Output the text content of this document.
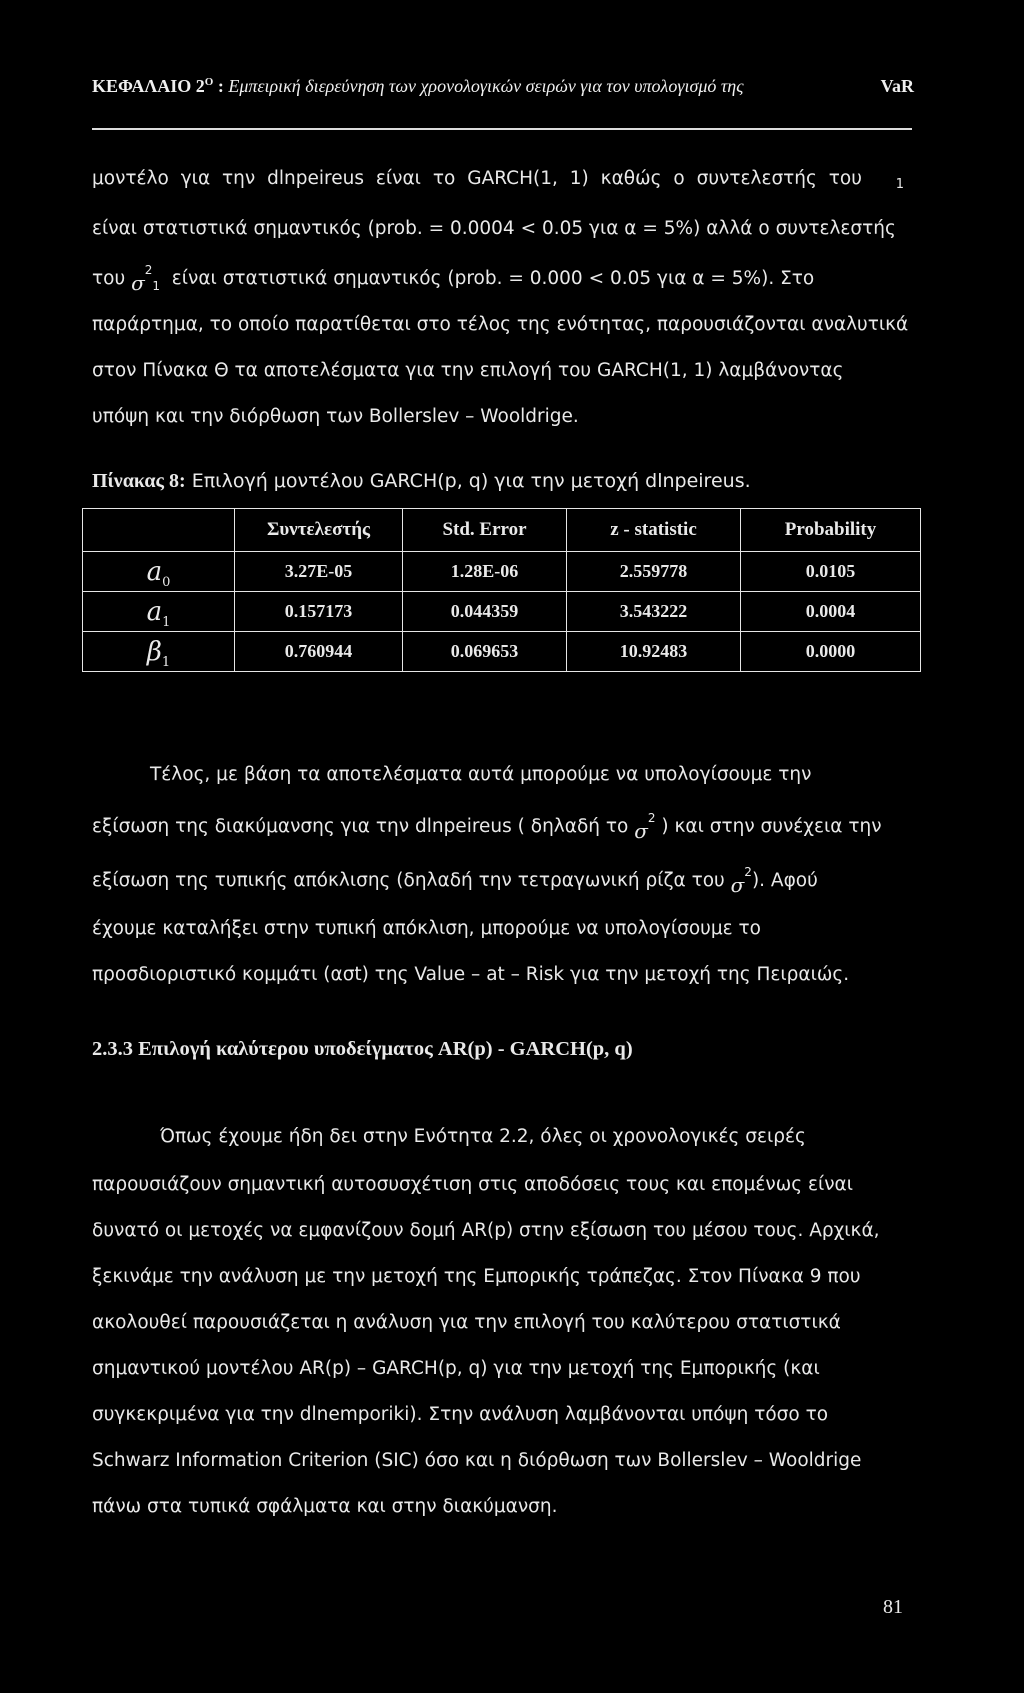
ΚΕΦΑΛΑΙΟ $2^O$ : Εμπειρική διερεύνηση των χρονολογικών σειρών για τον υπολογισμό της	VaR
μοντέλο για την dlnpeireus είναι το GARCH(1, 1) καθώς ο συντελεστής του	1
είναι στατιστικά σημαντικός (prob. = 0.0004 < 0.05 για α = 5%) αλλά ο συντελεστής
του $\sigma^2_1$ είναι στατιστικά σημαντικός (prob. = 0.000 < 0.05 για α = 5%). Στο
παράρτημα, το οποίο παρατίθεται στο τέλος της ενότητας, παρουσιάζονται αναλυτικά
στον Πίνακα Θ τα αποτελέσματα για την επιλογή του GARCH(1, 1) λαμβάνοντας
υπόψη και την διόρθωση των Bollerslev – Wooldrige.
Πίνακας 8: Επιλογή μοντέλου GARCH(p, q) για την μετοχή dlnpeireus.
	Συντελεστής	Std. Error	z - statistic	Probability
$a_0$	3.27E-05	1.28E-06	2.559778	0.0105
$a_1$	0.157173	0.044359	3.543222	0.0004
$\beta_1$	0.760944	0.069653	10.92483	0.0000
Τέλος, με βάση τα αποτελέσματα αυτά μπορούμε να υπολογίσουμε την
εξίσωση της διακύμανσης για την dlnpeireus ( δηλαδή το $\sigma^2$ ) και στην συνέχεια την
εξίσωση της τυπικής απόκλισης (δηλαδή την τετραγωνική ρίζα του $\sigma^2$). Αφού
έχουμε καταλήξει στην τυπική απόκλιση, μπορούμε να υπολογίσουμε το
προσδιοριστικό κομμάτι (ασt) της Value – at – Risk για την μετοχή της Πειραιώς.
2.3.3 Επιλογή καλύτερου υποδείγματος AR(p) - GARCH(p, q)
Όπως έχουμε ήδη δει στην Ενότητα 2.2, όλες οι χρονολογικές σειρές
παρουσιάζουν σημαντική αυτοσυσχέτιση στις αποδόσεις τους και επομένως είναι
δυνατό οι μετοχές να εμφανίζουν δομή AR(p) στην εξίσωση του μέσου τους. Αρχικά,
ξεκινάμε την ανάλυση με την μετοχή της Εμπορικής τράπεζας. Στον Πίνακα 9 που
ακολουθεί παρουσιάζεται η ανάλυση για την επιλογή του καλύτερου στατιστικά
σημαντικού μοντέλου AR(p) – GARCH(p, q) για την μετοχή της Εμπορικής (και
συγκεκριμένα για την dlnemporiki). Στην ανάλυση λαμβάνονται υπόψη τόσο το
Schwarz Information Criterion (SIC) όσο και η διόρθωση των Bollerslev – Wooldrige
πάνω στα τυπικά σφάλματα και στην διακύμανση.
81
